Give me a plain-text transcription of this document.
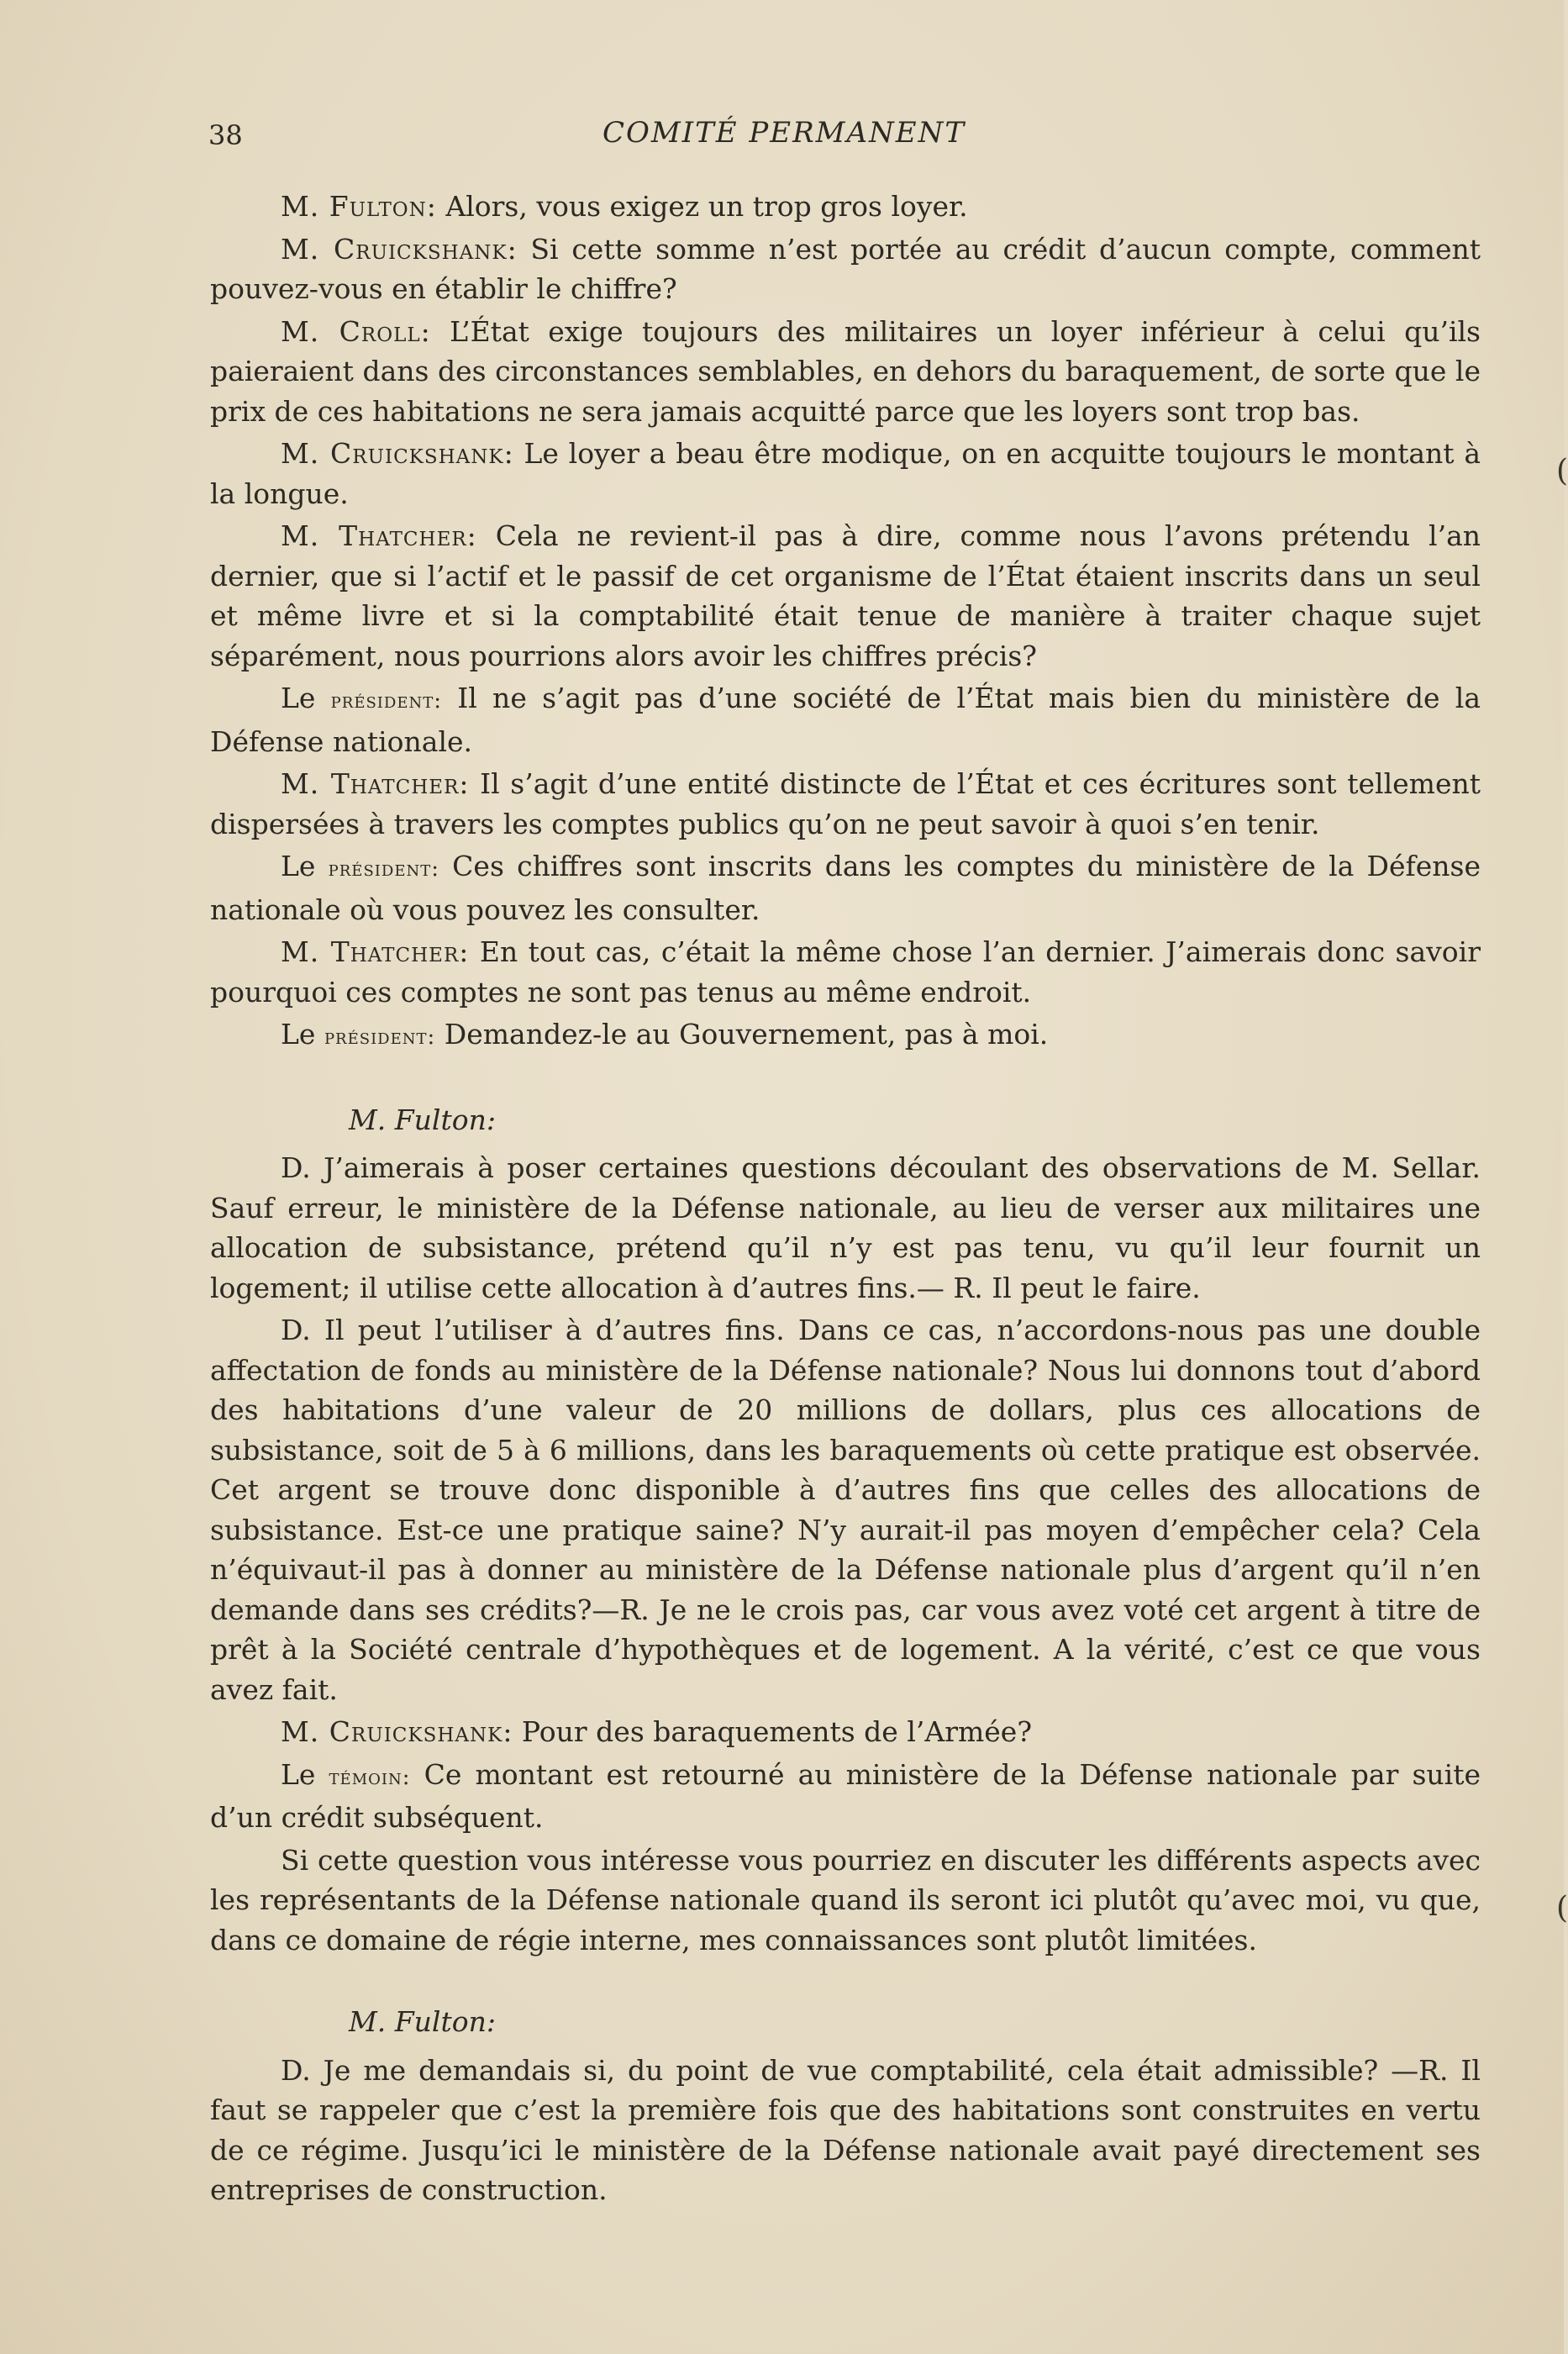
38	COMITÉ PERMANENT

M. Fulton: Alors, vous exigez un trop gros loyer.

M. Cruickshank: Si cette somme n’est portée au crédit d’aucun compte, comment pouvez-vous en établir le chiffre?

M. Croll: L’État exige toujours des militaires un loyer inférieur à celui qu’ils paieraient dans des circonstances semblables, en dehors du baraquement, de sorte que le prix de ces habitations ne sera jamais acquitté parce que les loyers sont trop bas.

M. Cruickshank: Le loyer a beau être modique, on en acquitte toujours le montant à la longue.

M. Thatcher: Cela ne revient-il pas à dire, comme nous l’avons prétendu l’an dernier, que si l’actif et le passif de cet organisme de l’État étaient inscrits dans un seul et même livre et si la comptabilité était tenue de manière à traiter chaque sujet séparément, nous pourrions alors avoir les chiffres précis?

Le président: Il ne s’agit pas d’une société de l’État mais bien du ministère de la Défense nationale.

M. Thatcher: Il s’agit d’une entité distincte de l’État et ces écritures sont tellement dispersées à travers les comptes publics qu’on ne peut savoir à quoi s’en tenir.

Le président: Ces chiffres sont inscrits dans les comptes du ministère de la Défense nationale où vous pouvez les consulter.

M. Thatcher: En tout cas, c’était la même chose l’an dernier. J’aimerais donc savoir pourquoi ces comptes ne sont pas tenus au même endroit.

Le président: Demandez-le au Gouvernement, pas à moi.

M. Fulton:

D. J’aimerais à poser certaines questions découlant des observations de M. Sellar. Sauf erreur, le ministère de la Défense nationale, au lieu de verser aux militaires une allocation de subsistance, prétend qu’il n’y est pas tenu, vu qu’il leur fournit un logement; il utilise cette allocation à d’autres fins.— R. Il peut le faire.

D. Il peut l’utiliser à d’autres fins. Dans ce cas, n’accordons-nous pas une double affectation de fonds au ministère de la Défense nationale? Nous lui donnons tout d’abord des habitations d’une valeur de 20 millions de dollars, plus ces allocations de subsistance, soit de 5 à 6 millions, dans les baraquements où cette pratique est observée. Cet argent se trouve donc disponible à d’autres fins que celles des allocations de subsistance. Est-ce une pratique saine? N’y aurait-il pas moyen d’empêcher cela? Cela n’équivaut-il pas à donner au ministère de la Défense nationale plus d’argent qu’il n’en demande dans ses crédits?—R. Je ne le crois pas, car vous avez voté cet argent à titre de prêt à la Société centrale d’hypothèques et de logement. A la vérité, c’est ce que vous avez fait.

M. Cruickshank: Pour des baraquements de l’Armée?

Le témoin: Ce montant est retourné au ministère de la Défense nationale par suite d’un crédit subséquent.

Si cette question vous intéresse vous pourriez en discuter les différents aspects avec les représentants de la Défense nationale quand ils seront ici plutôt qu’avec moi, vu que, dans ce domaine de régie interne, mes connaissances sont plutôt limitées.

M. Fulton:

D. Je me demandais si, du point de vue comptabilité, cela était admissible? —R. Il faut se rappeler que c’est la première fois que des habitations sont construites en vertu de ce régime. Jusqu’ici le ministère de la Défense nationale avait payé directement ses entreprises de construction.

(
(
